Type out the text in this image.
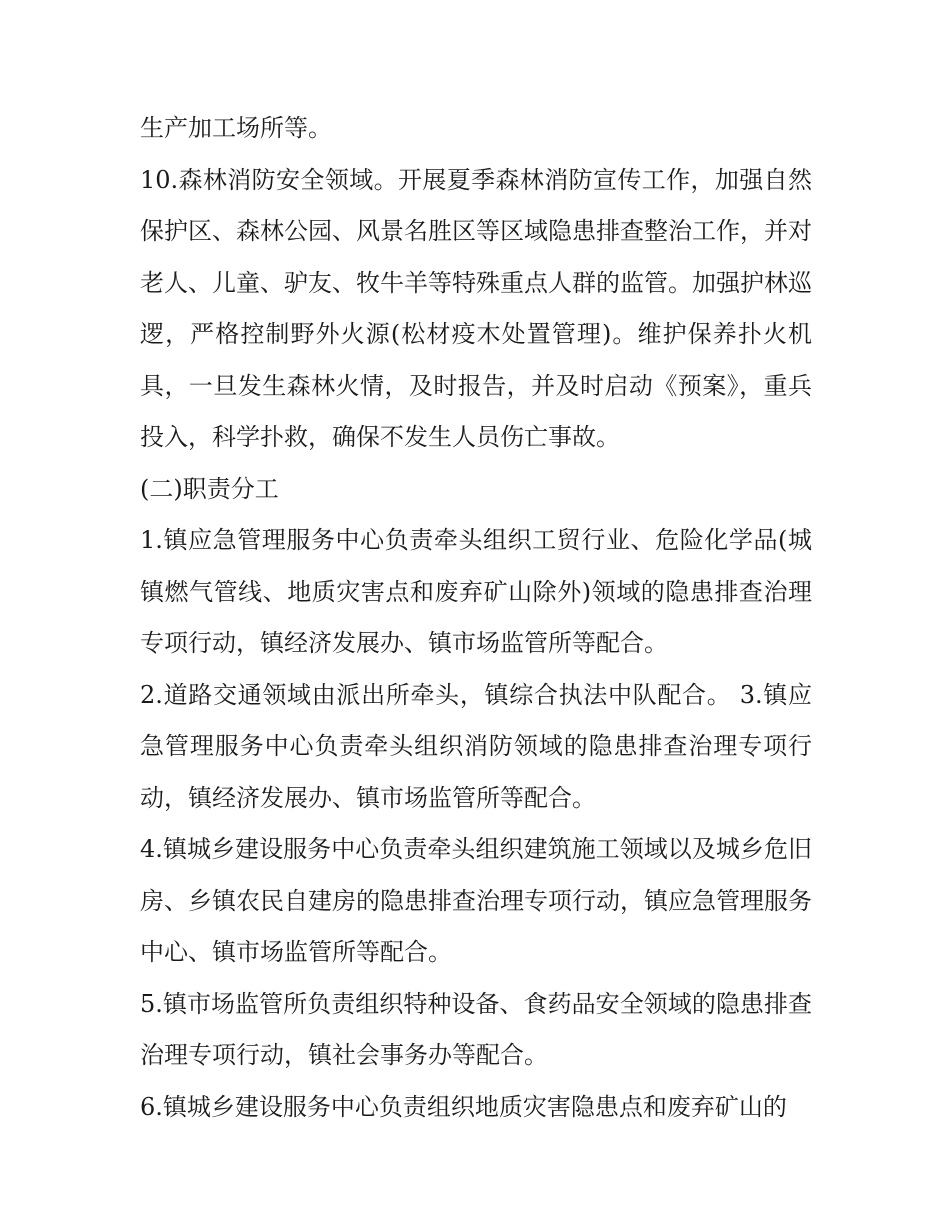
生产加工场所等。

10.森林消防安全领域。开展夏季森林消防宣传工作，加强自然保护区、森林公园、风景名胜区等区域隐患排查整治工作，并对老人、儿童、驴友、牧牛羊等特殊重点人群的监管。加强护林巡逻，严格控制野外火源(松材疫木处置管理)。维护保养扑火机具，一旦发生森林火情，及时报告，并及时启动《预案》，重兵投入，科学扑救，确保不发生人员伤亡事故。

(二)职责分工

1.镇应急管理服务中心负责牵头组织工贸行业、危险化学品(城镇燃气管线、地质灾害点和废弃矿山除外)领域的隐患排查治理专项行动，镇经济发展办、镇市场监管所等配合。

2.道路交通领域由派出所牵头，镇综合执法中队配合。 3.镇应急管理服务中心负责牵头组织消防领域的隐患排查治理专项行动，镇经济发展办、镇市场监管所等配合。

4.镇城乡建设服务中心负责牵头组织建筑施工领域以及城乡危旧房、乡镇农民自建房的隐患排查治理专项行动，镇应急管理服务中心、镇市场监管所等配合。

5.镇市场监管所负责组织特种设备、食药品安全领域的隐患排查治理专项行动，镇社会事务办等配合。

6.镇城乡建设服务中心负责组织地质灾害隐患点和废弃矿山的
